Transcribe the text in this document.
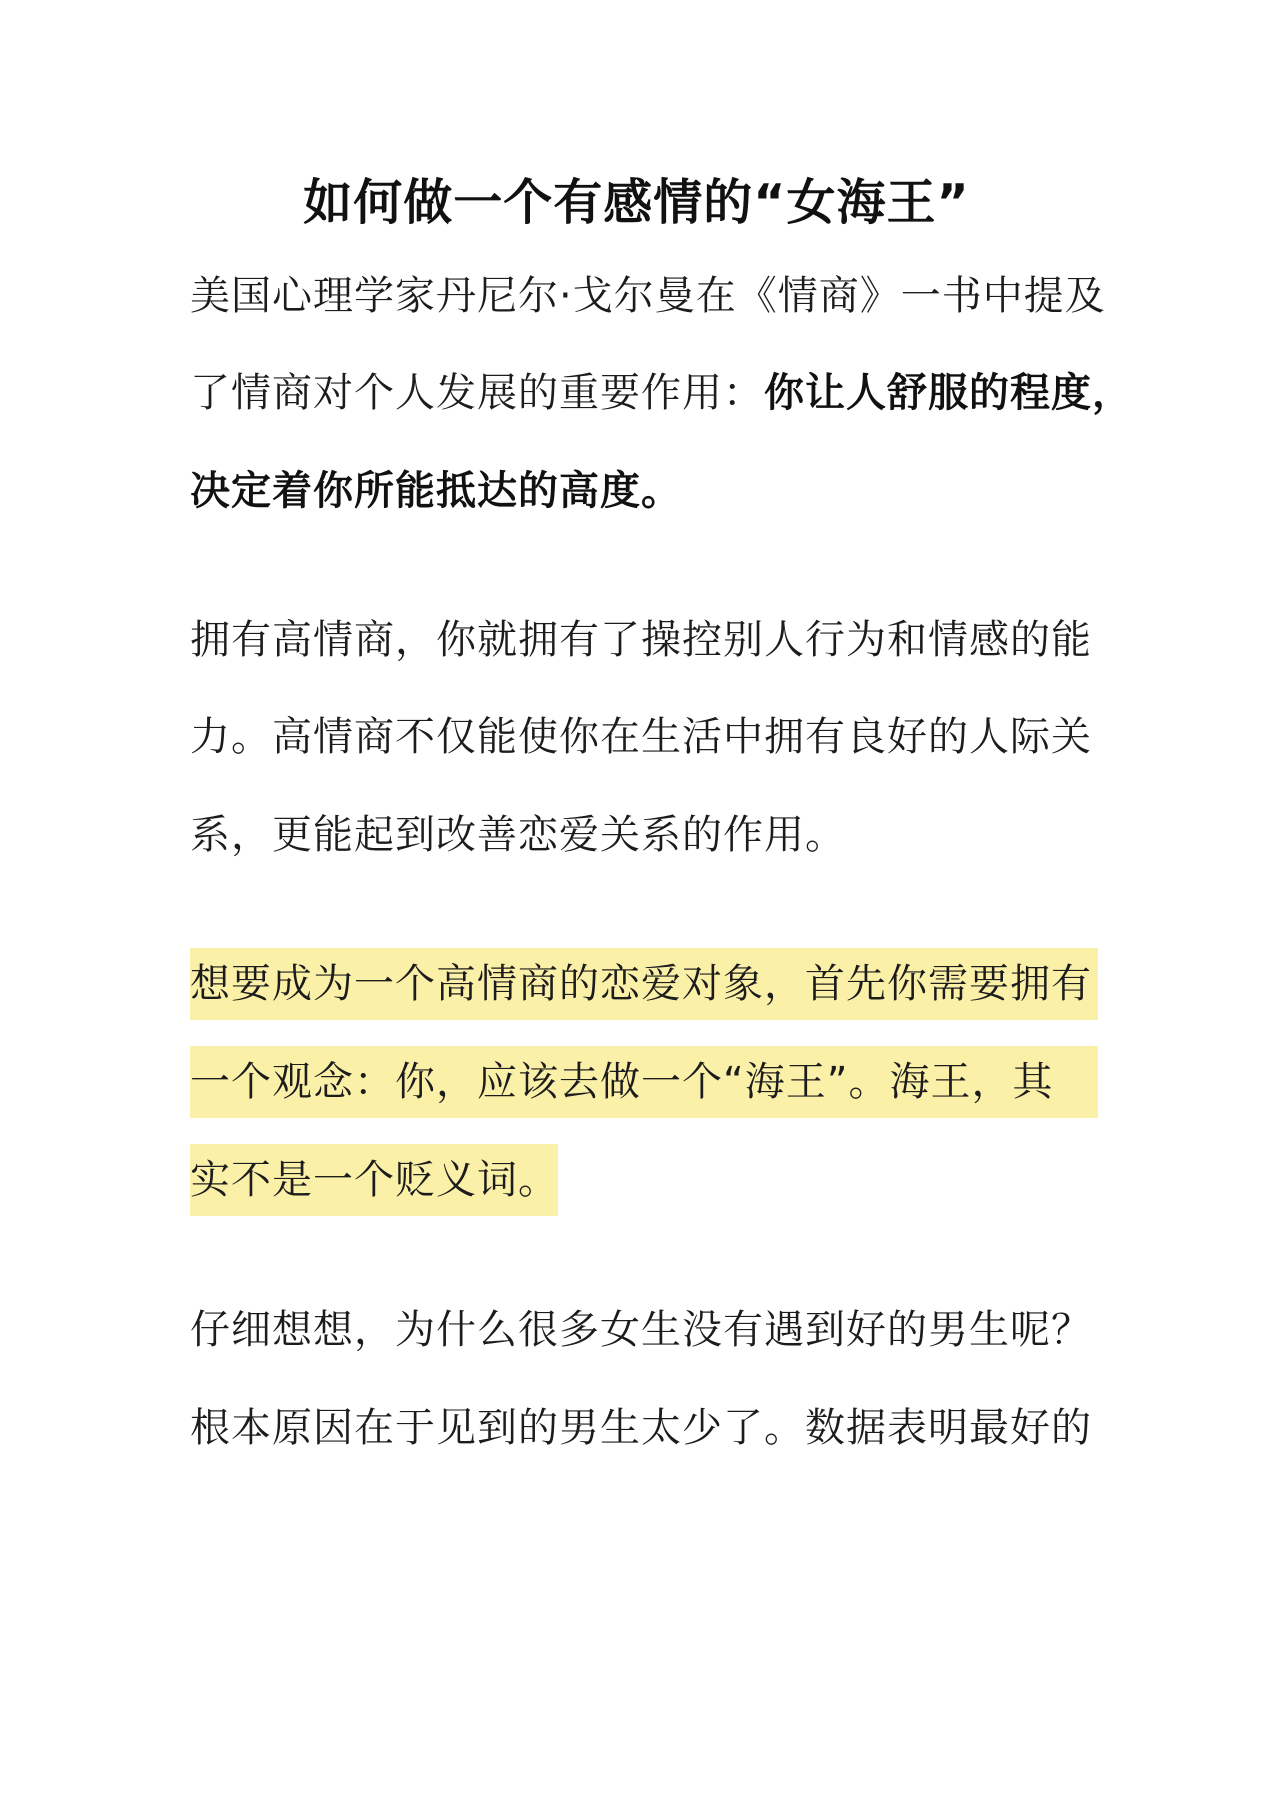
如何做一个有感情的“女海王”
美国心理学家丹尼尔·戈尔曼在《情商》一书中提及
了情商对个人发展的重要作用：你让人舒服的程度，
决定着你所能抵达的高度。
拥有高情商，你就拥有了操控别人行为和情感的能
力。高情商不仅能使你在生活中拥有良好的人际关
系，更能起到改善恋爱关系的作用。
想要成为一个高情商的恋爱对象，首先你需要拥有
一个观念：你，应该去做一个“海王”。海王，其
实不是一个贬义词。
仔细想想，为什么很多女生没有遇到好的男生呢？
根本原因在于见到的男生太少了。数据表明最好的
